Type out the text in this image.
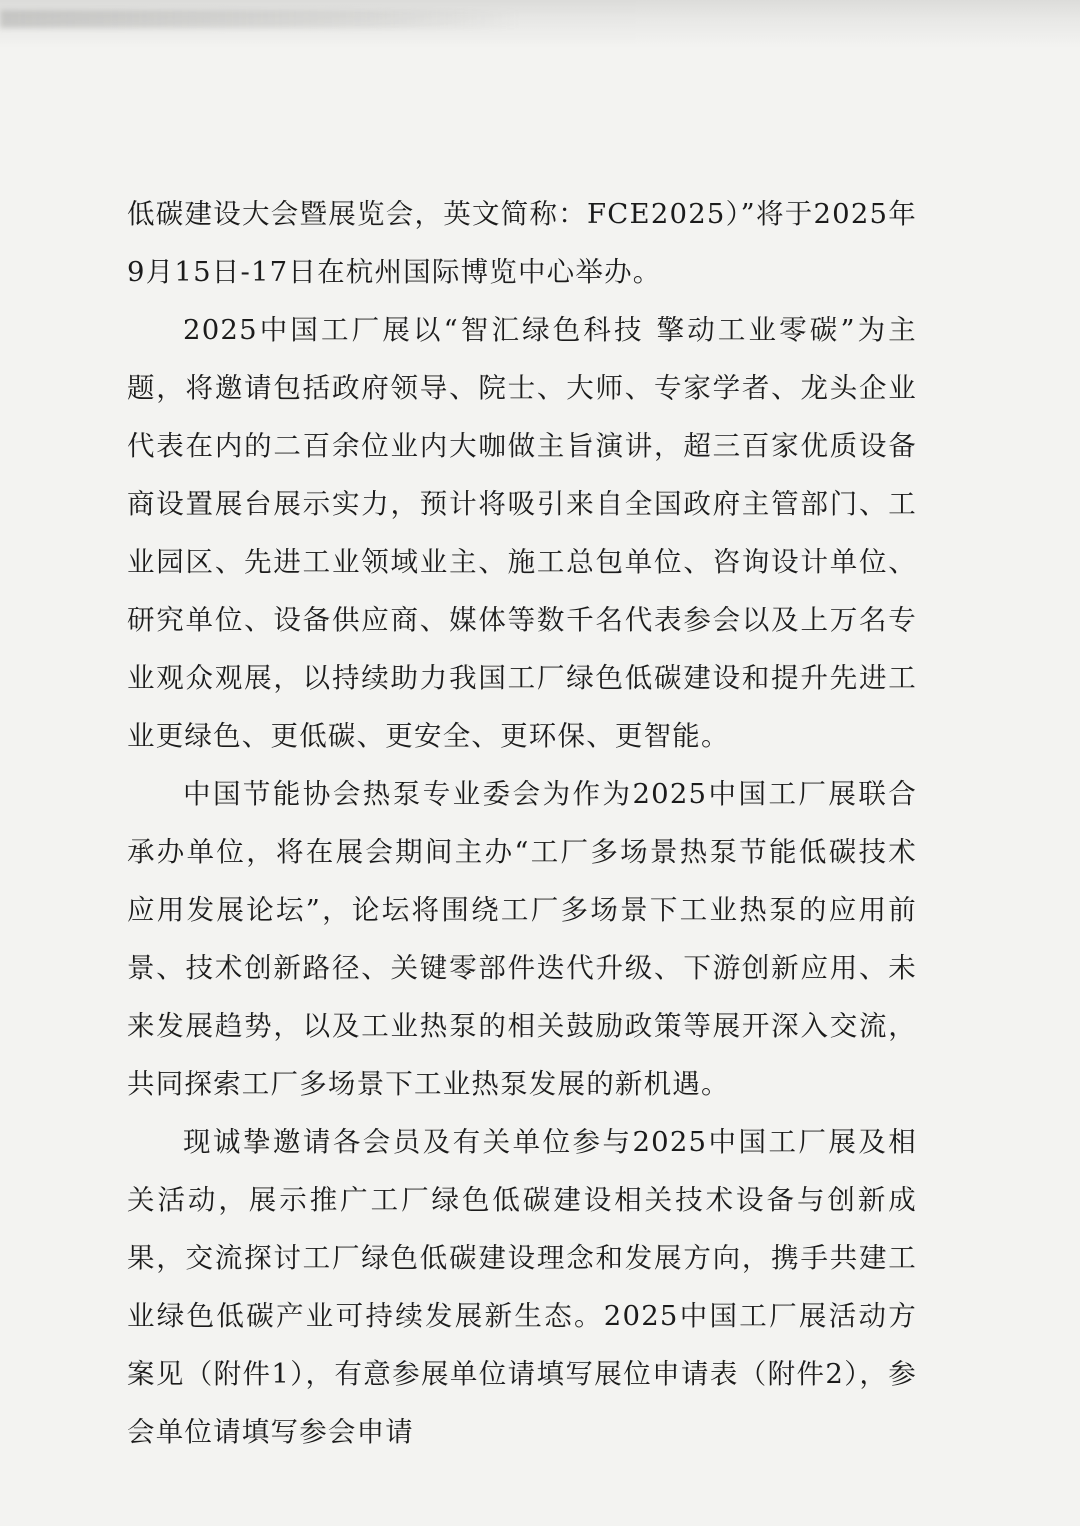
低碳建设大会暨展览会，英文简称：FCE2025）”将于2025年9月15日-17日在杭州国际博览中心举办。

2025中国工厂展以“智汇绿色科技 擎动工业零碳”为主题，将邀请包括政府领导、院士、大师、专家学者、龙头企业代表在内的二百余位业内大咖做主旨演讲，超三百家优质设备商设置展台展示实力，预计将吸引来自全国政府主管部门、工业园区、先进工业领域业主、施工总包单位、咨询设计单位、研究单位、设备供应商、媒体等数千名代表参会以及上万名专业观众观展，以持续助力我国工厂绿色低碳建设和提升先进工业更绿色、更低碳、更安全、更环保、更智能。

中国节能协会热泵专业委会为作为2025中国工厂展联合承办单位，将在展会期间主办“工厂多场景热泵节能低碳技术应用发展论坛”，论坛将围绕工厂多场景下工业热泵的应用前景、技术创新路径、关键零部件迭代升级、下游创新应用、未来发展趋势，以及工业热泵的相关鼓励政策等展开深入交流，共同探索工厂多场景下工业热泵发展的新机遇。

现诚挚邀请各会员及有关单位参与2025中国工厂展及相关活动，展示推广工厂绿色低碳建设相关技术设备与创新成果，交流探讨工厂绿色低碳建设理念和发展方向，携手共建工业绿色低碳产业可持续发展新生态。2025中国工厂展活动方案见（附件1），有意参展单位请填写展位申请表（附件2），参会单位请填写参会申请
